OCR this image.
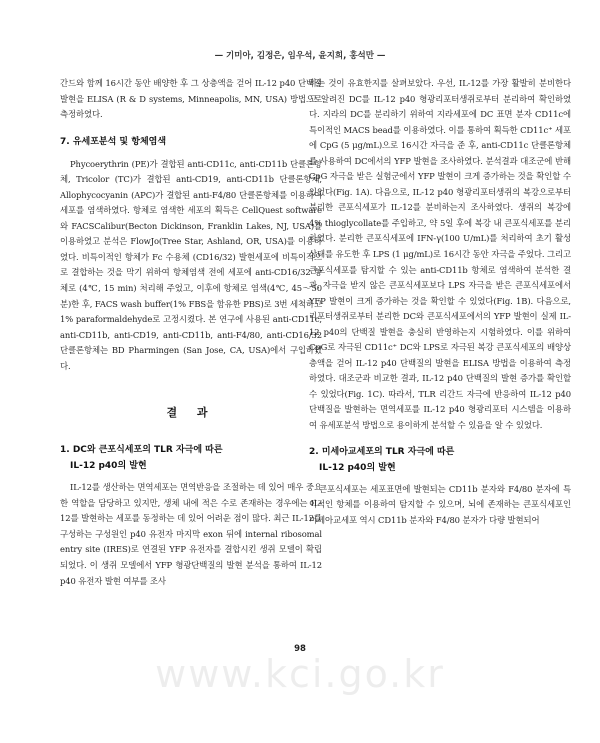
— 기미아, 김정은, 임우석, 윤지희, 홍석만 —

간드와 함께 16시간 동안 배양한 후 그 상층액을 걷어 IL-12 p40 단백질 발현을 ELISA (R & D systems, Minneapolis, MN, USA) 방법으로 측정하였다.

7. 유세포분석 및 항체염색

Phycoerythrin (PE)가 결합된 anti-CD11c, anti-CD11b 단클론항체, Tricolor (TC)가 결합된 anti-CD19, anti-CD11b 단클론항체, Allophycocyanin (APC)가 결합된 anti-F4/80 단클론항체를 이용하여 세포를 염색하였다. 항체로 염색한 세포의 획득은 CellQuest software와 FACSCalibur(Becton Dickinson, Franklin Lakes, NJ, USA)를 이용하였고 분석은 FlowJo(Tree Star, Ashland, OR, USA)를 이용하였다. 비특이적인 항체가 Fc 수용체 (CD16/32) 발현세포에 비특이적으로 결합하는 것을 막기 위하여 항체염색 전에 세포에 anti-CD16/32 항체로 (4℃, 15 min) 처리해 주었고, 이후에 항체로 염색(4℃, 45～50분)한 후, FACS wash buffer(1% FBS을 함유한 PBS)로 3번 세척하고 1% paraformaldehyde로 고정시켰다. 본 연구에 사용된 anti-CD11c, anti-CD11b, anti-CD19, anti-CD11b, anti-F4/80, anti-CD16/32 단클론항체는 BD Pharmingen (San Jose, CA, USA)에서 구입하였다.

결 과

1. DC와 큰포식세포의 TLR 자극에 따른

IL-12 p40의 발현

IL-12를 생산하는 면역세포는 면역반응을 조절하는 데 있어 매우 중요한 역할을 담당하고 있지만, 생체 내에 적은 수로 존재하는 경우에는 IL-12를 발현하는 세포를 동정하는 데 있어 어려운 점이 많다. 최근 IL-12를 구성하는 구성원인 p40 유전자 마지막 exon 뒤에 internal ribosomal entry site (IRES)로 연결된 YFP 유전자를 결합시킨 생쥐 모델이 확립되었다. 이 생쥐 모델에서 YFP 형광단백질의 발현 분석을 통하여 IL-12 p40 유전자 발현 여부를 조사

하는 것이 유효한지를 살펴보았다. 우선, IL-12를 가장 활발히 분비한다고 알려진 DC를 IL-12 p40 형광리포터생쥐로부터 분리하여 확인하였다. 지라의 DC를 분리하기 위하여 지라세포에 DC 표면 분자 CD11c에 특이적인 MACS bead를 이용하였다. 이를 통하여 획득한 CD11c⁺ 세포에 CpG (5 μg/mL)으로 16시간 자극을 준 후, anti-CD11c 단클론항체를 사용하여 DC에서의 YFP 발현을 조사하였다. 분석결과 대조군에 반해 CpG 자극을 받은 실험군에서 YFP 발현이 크게 증가하는 것을 확인할 수 있었다(Fig. 1A). 다음으로, IL-12 p40 형광리포터생쥐의 복강으로부터 분리한 큰포식세포가 IL-12를 분비하는지 조사하였다. 생쥐의 복강에 4% thioglycollate를 주입하고, 약 5일 후에 복강 내 큰포식세포를 분리하였다. 분리한 큰포식세포에 IFN-γ(100 U/mL)를 처리하여 초기 활성 상태를 유도한 후 LPS (1 μg/mL)로 16시간 동안 자극을 주었다. 그리고 큰포식세포를 탐지할 수 있는 anti-CD11b 항체로 염색하여 분석한 결과, 자극을 받지 않은 큰포식세포보다 LPS 자극을 받은 큰포식세포에서 YFP 발현이 크게 증가하는 것을 확인할 수 있었다(Fig. 1B). 다음으로, 리포터생쥐로부터 분리한 DC와 큰포식세포에서의 YFP 발현이 실제 IL-12 p40의 단백질 발현을 충실히 반영하는지 시험하였다. 이를 위하여 CpG로 자극된 CD11c⁺ DC와 LPS로 자극된 복강 큰포식세포의 배양상층액을 걷어 IL-12 p40 단백질의 발현을 ELISA 방법을 이용하여 측정하였다. 대조군과 비교한 결과, IL-12 p40 단백질의 발현 증가를 확인할 수 있었다(Fig. 1C). 따라서, TLR 리간드 자극에 반응하여 IL-12 p40 단백질을 발현하는 면역세포를 IL-12 p40 형광리포터 시스템을 이용하여 유세포분석 방법으로 용이하게 분석할 수 있음을 알 수 있었다.

2. 미세아교세포의 TLR 자극에 따른

IL-12 p40의 발현

큰포식세포는 세포표면에 발현되는 CD11b 분자와 F4/80 분자에 특이적인 항체를 이용하여 탐지할 수 있으며, 뇌에 존재하는 큰포식세포인 미세아교세포 역시 CD11b 분자와 F4/80 분자가 다량 발현되어

98
www.kci.go.kr
